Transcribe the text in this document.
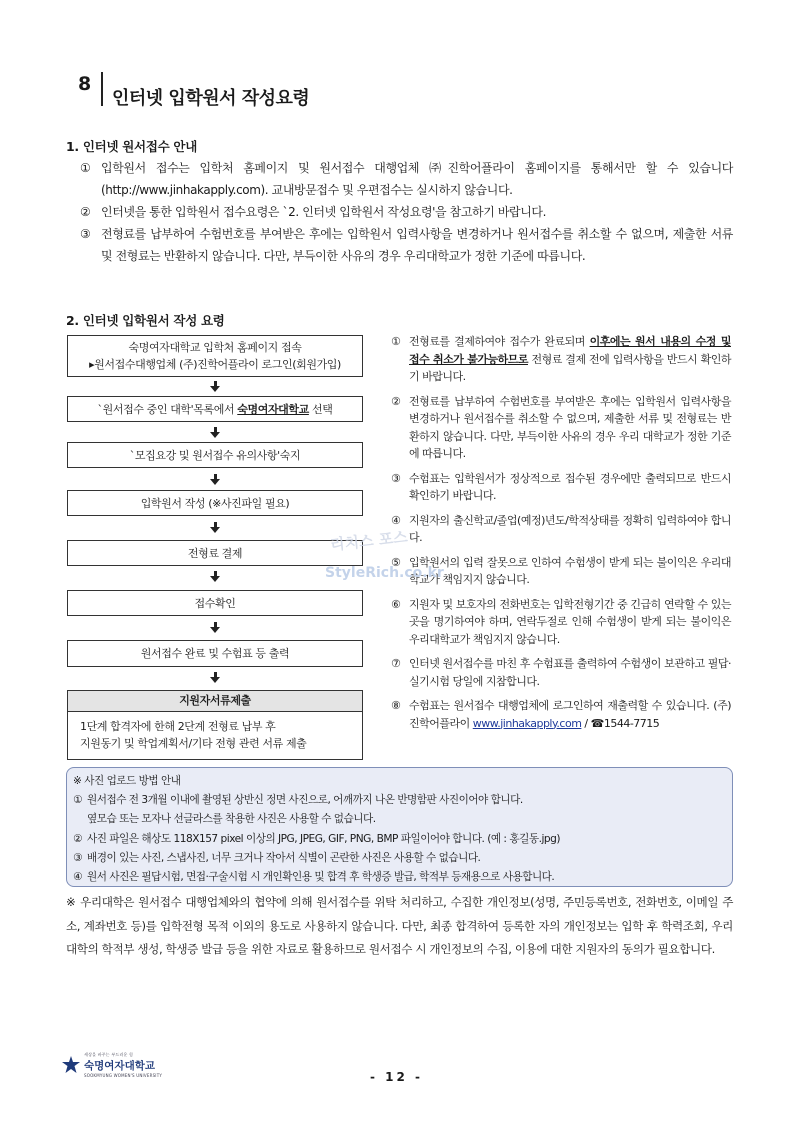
8
인터넷 입학원서 작성요령
1. 인터넷 원서접수 안내
① 입학원서 접수는 입학처 홈페이지 및 원서접수 대행업체 ㈜진학어플라이 홈페이지를 통해서만 할 수 있습니다(http://www.jinhakapply.com). 교내방문접수 및 우편접수는 실시하지 않습니다.
② 인터넷을 통한 입학원서 접수요령은 `2. 인터넷 입학원서 작성요령'을 참고하기 바랍니다.
③ 전형료를 납부하여 수험번호를 부여받은 후에는 입학원서 입력사항을 변경하거나 원서접수를 취소할 수 없으며, 제출한 서류 및 전형료는 반환하지 않습니다. 다만, 부득이한 사유의 경우 우리대학교가 정한 기준에 따릅니다.
2. 인터넷 입학원서 작성 요령
숙명여자대학교 입학처 홈페이지 접속
▸원서접수대행업체 (주)진학어플라이 로그인(회원가입)
`원서접수 중인 대학'목록에서 숙명여자대학교 선택
`모집요강 및 원서접수 유의사항'숙지
입학원서 작성 (※사진파일 필요)
전형료 결제
접수확인
원서접수 완료 및 수험표 등 출력
지원자서류제출
1단계 합격자에 한해 2단계 전형료 납부 후
지원동기 및 학업계획서/기타 전형 관련 서류 제출
① 전형료를 결제하여야 접수가 완료되며 이후에는 원서 내용의 수정 및 접수 취소가 불가능하므로 전형료 결제 전에 입력사항을 반드시 확인하기 바랍니다.
② 전형료를 납부하여 수험번호를 부여받은 후에는 입학원서 입력사항을 변경하거나 원서접수를 취소할 수 없으며, 제출한 서류 및 전형료는 반환하지 않습니다. 다만, 부득이한 사유의 경우 우리 대학교가 정한 기준에 따릅니다.
③ 수험표는 입학원서가 정상적으로 접수된 경우에만 출력되므로 반드시 확인하기 바랍니다.
④ 지원자의 출신학교/졸업(예정)년도/학적상태를 정확히 입력하여야 합니다.
⑤ 입학원서의 입력 잘못으로 인하여 수험생이 받게 되는 불이익은 우리대학교가 책임지지 않습니다.
⑥ 지원자 및 보호자의 전화번호는 입학전형기간 중 긴급히 연락할 수 있는 곳을 명기하여야 하며, 연락두절로 인해 수험생이 받게 되는 불이익은 우리대학교가 책임지지 않습니다.
⑦ 인터넷 원서접수를 마친 후 수험표를 출력하여 수험생이 보관하고 필답·실기시험 당일에 지참합니다.
⑧ 수험표는 원서접수 대행업체에 로그인하여 재출력할 수 있습니다. (주)진학어플라이 www.jinhakapply.com / ☎1544-7715
리치스 포스
StyleRich.co.kr
※ 사진 업로드 방법 안내
① 원서접수 전 3개월 이내에 촬영된 상반신 정면 사진으로, 어깨까지 나온 반명함판 사진이어야 합니다.
옆모습 또는 모자나 선글라스를 착용한 사진은 사용할 수 없습니다.
② 사진 파일은 해상도 118X157 pixel 이상의 JPG, JPEG, GIF, PNG, BMP 파일이어야 합니다. (예 : 홍길동.jpg)
③ 배경이 있는 사진, 스냅사진, 너무 크거나 작아서 식별이 곤란한 사진은 사용할 수 없습니다.
④ 원서 사진은 필답시험, 면접·구술시험 시 개인확인용 및 합격 후 학생증 발급, 학적부 등재용으로 사용합니다.
※ 우리대학은 원서접수 대행업체와의 협약에 의해 원서접수를 위탁 처리하고, 수집한 개인정보(성명, 주민등록번호, 전화번호, 이메일 주소, 계좌번호 등)를 입학전형 목적 이외의 용도로 사용하지 않습니다. 다만, 최종 합격하여 등록한 자의 개인정보는 입학 후 학력조회, 우리대학의 학적부 생성, 학생증 발급 등을 위한 자료로 활용하므로 원서접수 시 개인정보의 수집, 이용에 대한 지원자의 동의가 필요합니다.
세상을 바꾸는 부드러운 힘
숙명여자대학교
SOOKMYUNG WOMEN'S UNIVERSITY	- 12 -
